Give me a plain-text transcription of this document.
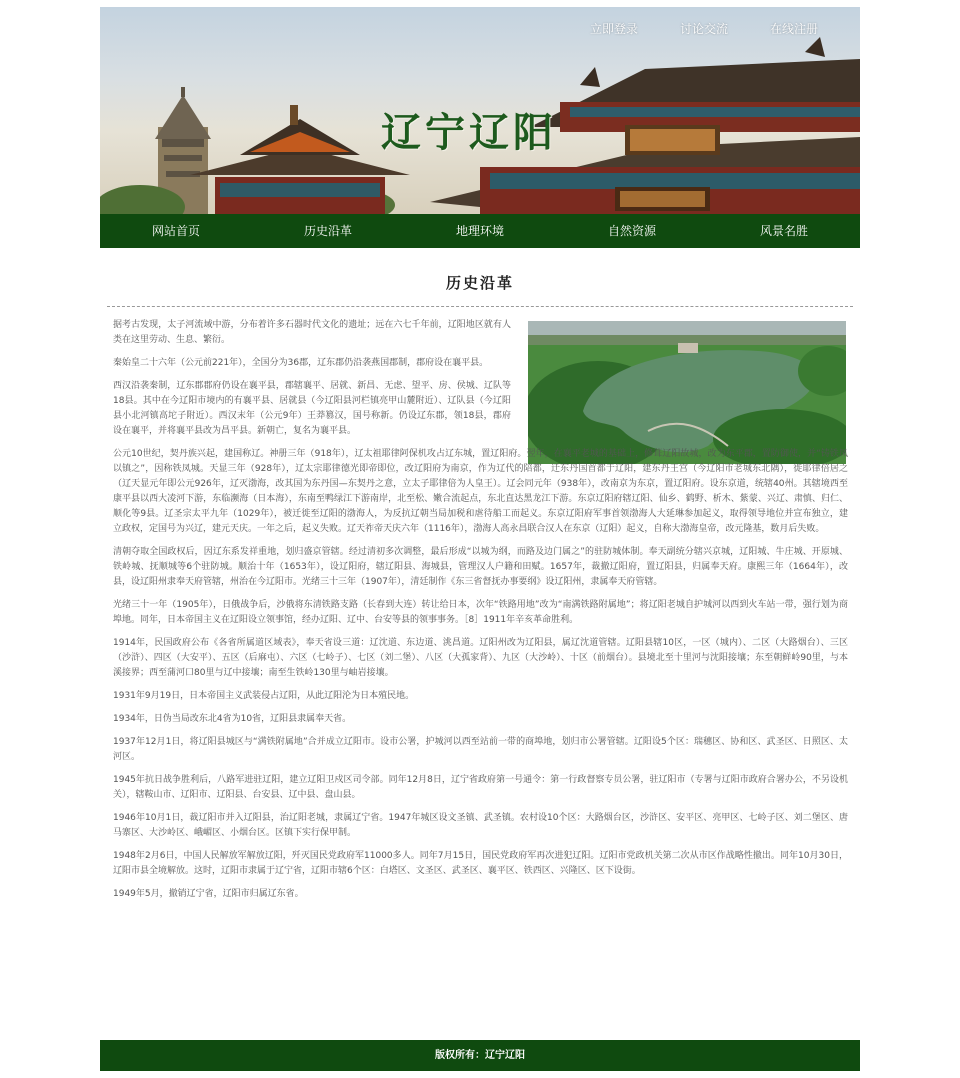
立即登录	讨论交流	在线注册
辽宁辽阳
网站首页	历史沿革	地理环境	自然资源	风景名胜
历史沿革

据考古发现，太子河流域中游，分布着许多石器时代文化的遗址；远在六七千年前，辽阳地区就有人类在这里劳动、生息、繁衍。

秦始皇二十六年（公元前221年），全国分为36郡，辽东郡仍沿袭燕国郡制，郡府设在襄平县。

西汉沿袭秦制，辽东郡郡府仍设在襄平县，郡辖襄平、居就、新昌、无虑、望平、房、侯城、辽队等18县。其中在今辽阳市境内的有襄平县、居就县（今辽阳县河栏镇亮甲山麓附近）、辽队县（今辽阳县小北河镇高坨子附近）。西汉末年（公元9年）王莽篡汉，国号称新。仍设辽东郡，领18县，郡府设在襄平，并将襄平县改为昌平县。新朝亡，复名为襄平县。

公元10世纪，契丹族兴起，建国称辽。神册三年（918年），辽太祖耶律阿保机攻占辽东城，置辽阳府。翌年，在襄平老城的基础上，修葺辽阳故城，改为东平郡，置防御使，并“铸铁凤以镇之”，因称铁凤城。天显三年（928年），辽太宗耶律德光即帝即位，改辽阳府为南京，作为辽代的陪都，迁东丹国首都于辽阳，建东丹王宫（今辽阳市老城东北隅），徙耶律倍居之（辽天显元年即公元926年，辽灭渤海，改其国为东丹国—东契丹之意，立太子耶律倍为人皇王）。辽会同元年（938年），改南京为东京，置辽阳府。设东京道，统辖40州。其辖境西至康平县以西大凌河下游，东临濒海（日本海），东南至鸭绿江下游南岸，北至松、嫩合流起点，东北直达黑龙江下游。东京辽阳府辖辽阳、仙乡、鹤野、析木、紫蒙、兴辽、肃慎、归仁、顺化等9县。辽圣宗太平九年（1029年），被迁徙至辽阳的渤海人，为反抗辽朝当局加税和虐待船工而起义。东京辽阳府军事首领渤海人大延琳参加起义，取得领导地位并宣布独立，建立政权，定国号为兴辽，建元天庆。一年之后，起义失败。辽天祚帝天庆六年（1116年），渤海人高永昌联合汉人在东京（辽阳）起义，自称大渤海皇帝，改元隆基，数月后失败。

清朝夺取全国政权后，因辽东系发祥重地，划归盛京管辖。经过清初多次调整，最后形成“以城为纲，而路及边门属之”的驻防城体制。奉天副统分辖兴京城，辽阳城、牛庄城、开原城、铁岭城、抚顺城等6个驻防城。顺治十年（1653年），设辽阳府，辖辽阳县、海城县，管理汉人户籍和田赋。1657年，裁撤辽阳府，置辽阳县，归属奉天府。康熙三年（1664年），改县，设辽阳州隶奉天府管辖，州治在今辽阳市。光绪三十三年（1907年），清廷制作《东三省督抚办事要纲》设辽阳州，隶属奉天府管辖。

光绪三十一年（1905年），日俄战争后，沙俄将东清铁路支路（长春到大连）转让给日本，次年“铁路用地”改为“南满铁路附属地”；将辽阳老城自护城河以西到火车站一带，强行划为商埠地。同年，日本帝国主义在辽阳设立领事馆，经办辽阳、辽中、台安等县的领事事务。［8］1911年辛亥革命胜利。

1914年，民国政府公布《各省所属道区域表》，奉天省设三道：辽沈道、东边道、洮昌道。辽阳州改为辽阳县，属辽沈道管辖。辽阳县辖10区，一区（城内）、二区（大路烟台）、三区（沙浒）、四区（大安平）、五区（后麻屯）、六区（七岭子）、七区（刘二堡）、八区（大孤家背）、九区（大沙岭）、十区（前烟台）。县境北至十里河与沈阳接壤；东至朝鲜岭90里，与本溪接界；西至蒲河口80里与辽中接壤；南至生铁岭130里与岫岩接壤。

1931年9月19日，日本帝国主义武装侵占辽阳，从此辽阳沦为日本殖民地。

1934年，日伪当局改东北4省为10省，辽阳县隶属奉天省。

1937年12月1日，将辽阳县城区与“满铁附属地”合并成立辽阳市。设市公署，护城河以西至站前一带的商埠地，划归市公署管辖。辽阳设5个区：瑞穗区、协和区、武圣区、日照区、太河区。

1945年抗日战争胜利后，八路军进驻辽阳，建立辽阳卫戍区司令部。同年12月8日，辽宁省政府第一号通令：第一行政督察专员公署，驻辽阳市（专署与辽阳市政府合署办公，不另设机关），辖鞍山市、辽阳市、辽阳县、台安县、辽中县、盘山县。

1946年10月1日，裁辽阳市并入辽阳县，治辽阳老城，隶属辽宁省。1947年城区设文圣镇、武圣镇。农村设10个区：大路烟台区，沙浒区、安平区、亮甲区、七岭子区、刘二堡区、唐马寨区、大沙岭区、峨嵋区、小烟台区。区镇下实行保甲制。

1948年2月6日，中国人民解放军解放辽阳，歼灭国民党政府军11000多人。同年7月15日，国民党政府军再次进犯辽阳。辽阳市党政机关第二次从市区作战略性撤出。同年10月30日，辽阳市县全境解放。这时，辽阳市隶属于辽宁省，辽阳市辖6个区：白塔区、文圣区、武圣区、襄平区、铁西区、兴隆区、区下设街。

1949年5月，撤销辽宁省，辽阳市归属辽东省。

版权所有：辽宁辽阳
